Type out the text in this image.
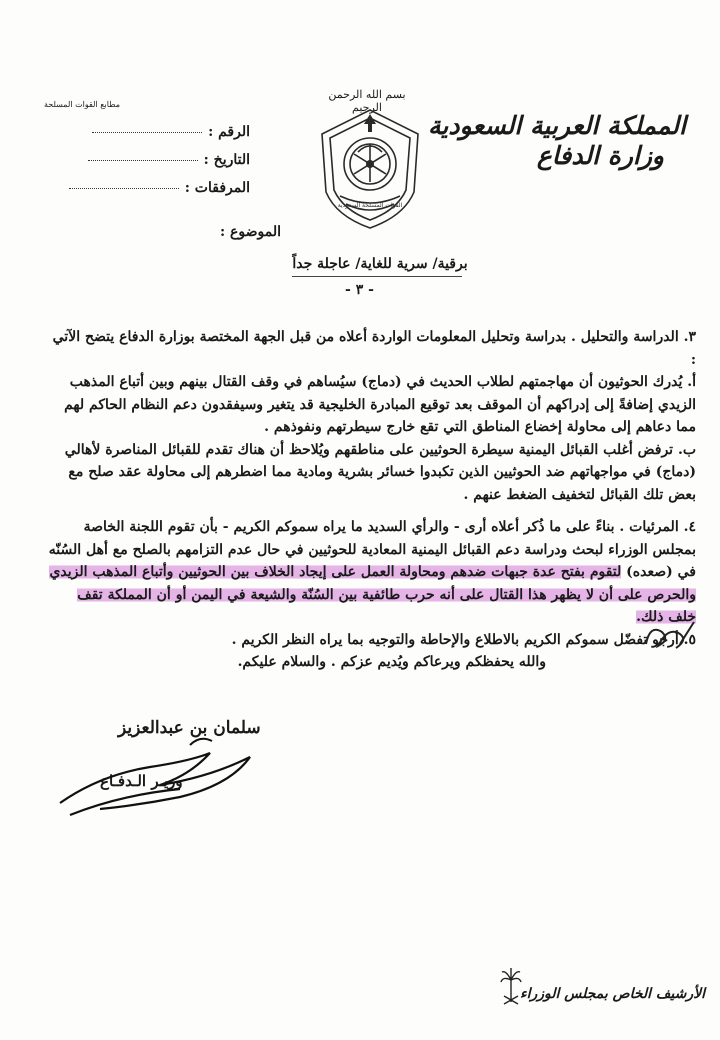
مطابع القوات المسلحة
بسم الله الرحمن الرحيم
المملكة العربية السعودية
وزارة الدفاع
الرقم :
التاريخ :
المرفقات :
الموضوع :
القوات المسلحة السعودية
برقية/ سرية للغاية/ عاجلة جداً
- ٣ -

٣. الدراسة والتحليل . بدراسة وتحليل المعلومات الواردة أعلاه من قبل الجهة المختصة بوزارة الدفاع يتضح الآتي :

أ. يُدرك الحوثيون أن مهاجمتهم لطلاب الحديث في (دماج) سيُساهم في وقف القتال بينهم وبين أتباع المذهب الزيدي إضافةً إلى إدراكهم أن الموقف بعد توقيع المبادرة الخليجية قد يتغير وسيفقدون دعم النظام الحاكم لهم مما دعاهم إلى محاولة إخضاع المناطق التي تقع خارج سيطرتهم ونفوذهم .

ب. ترفض أغلب القبائل اليمنية سيطرة الحوثيين على مناطقهم ويُلاحظ أن هناك تقدم للقبائل المناصرة لأهالي (دماج) في مواجهاتهم ضد الحوثيين الذين تكبدوا خسائر بشرية ومادية مما اضطرهم إلى محاولة عقد صلح مع بعض تلك القبائل لتخفيف الضغط عنهم .

٤. المرئيات . بناءً على ما ذُكر أعلاه أرى - والرأي السديد ما يراه سموكم الكريم - بأن تقوم اللجنة الخاصة بمجلس الوزراء لبحث ودراسة دعم القبائل اليمنية المعادية للحوثيين في حال عدم التزامهم بالصلح مع أهل السُنّه في (صعده) لتقوم بفتح عدة جبهات ضدهم ومحاولة العمل على إيجاد الخلاف بين الحوثيين وأتباع المذهب الزيدي والحرص على أن لا يظهر هذا القتال على أنه حرب طائفية بين السُنّة والشيعة في اليمن أو أن المملكة تقف خلف ذلك.

٥. أرجو تفضّل سموكم الكريم بالاطلاع والإحاطة والتوجيه بما يراه النظر الكريم .

والله يحفظكم ويرعاكم ويُديم عزكم . والسلام عليكم.

سلمان بن عبدالعزيز
وزيـر الـدفـاع
الأرشيف الخاص بمجلس الوزراء
